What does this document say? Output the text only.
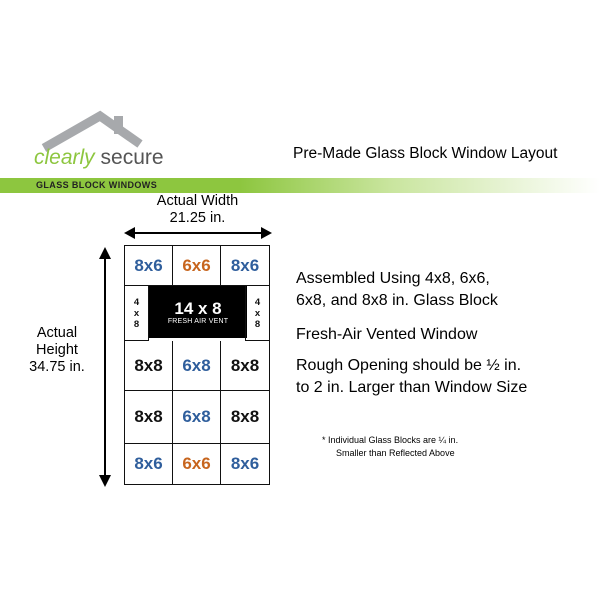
clearly secure	Pre-Made Glass Block Window Layout
GLASS BLOCK WINDOWS
Actual Width
21.25 in.
Actual
Height
34.75 in.
8x6 6x6 8x6
4
x
8
14 x 8
FRESH AIR VENT
4
x
8
8x8 6x8 8x8
8x8 6x8 8x8
8x6 6x6 8x6
Assembled Using 4x8, 6x6,
6x8, and 8x8 in. Glass Block
Fresh-Air Vented Window
Rough Opening should be ½ in.
to 2 in. Larger than Window Size
* Individual Glass Blocks are ¼ in.
Smaller than Reflected Above
